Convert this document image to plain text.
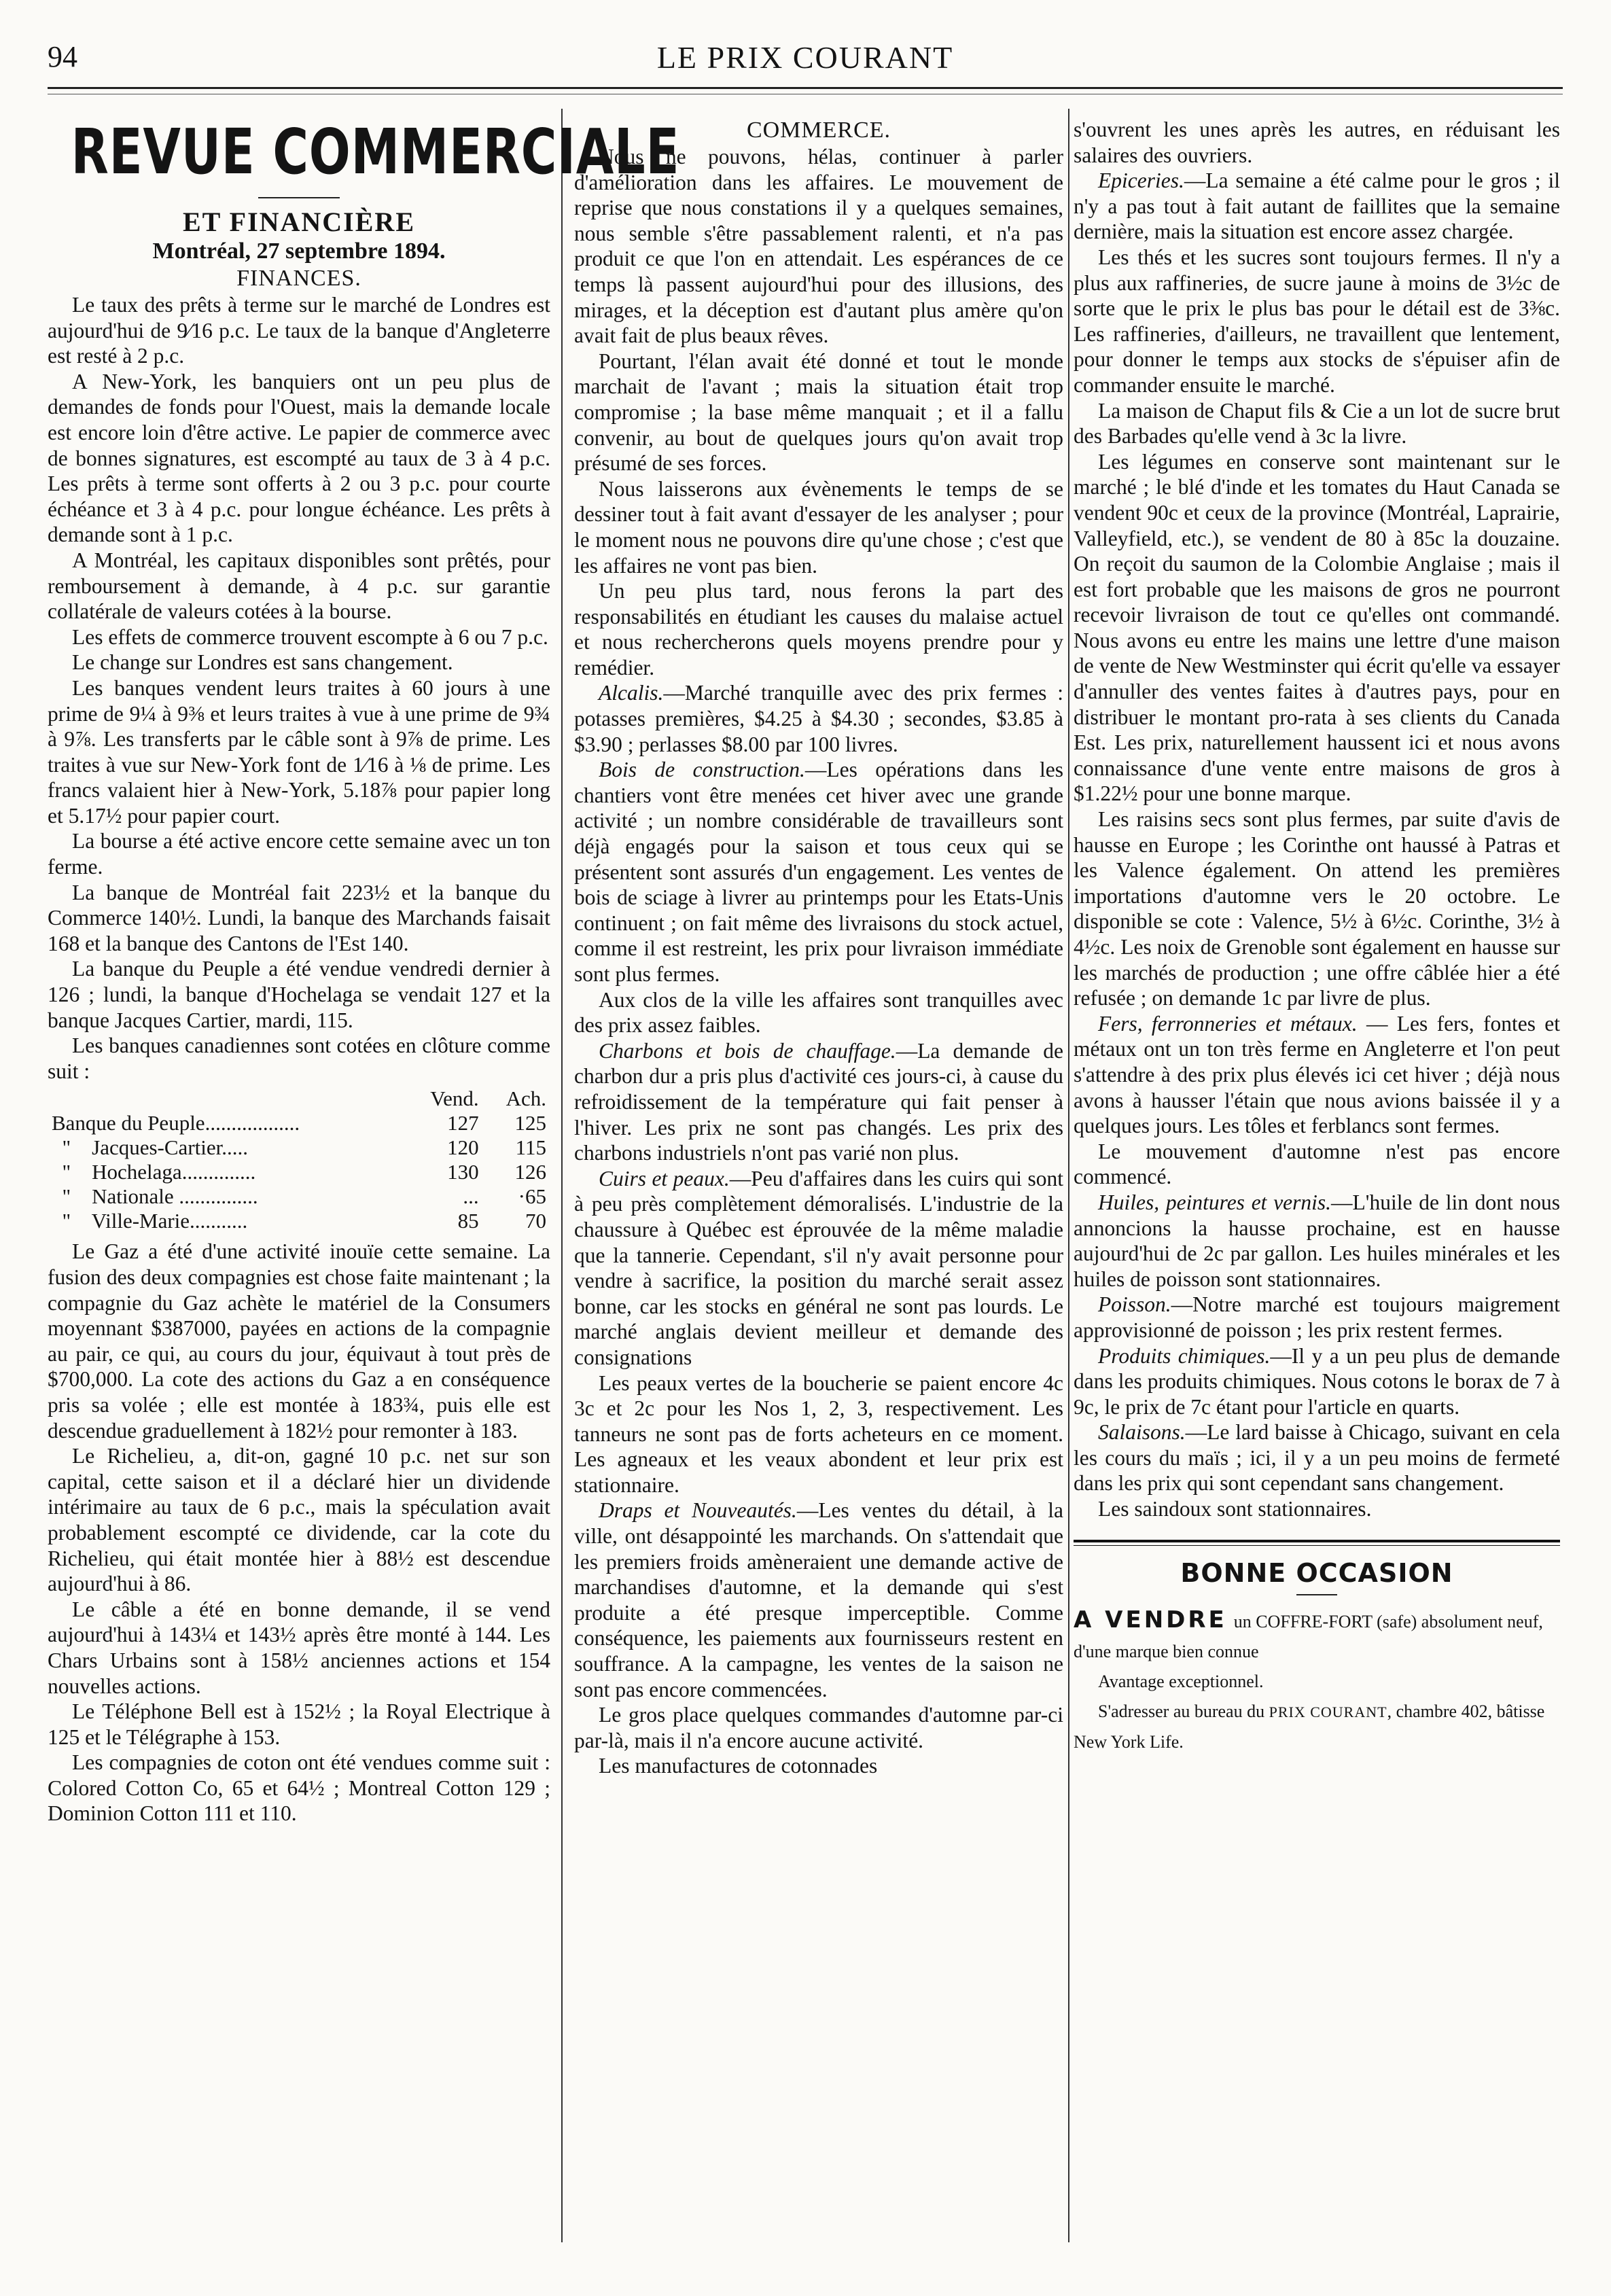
94	LE PRIX COURANT
REVUE COMMERCIALE
ET FINANCIÈRE
Montréal, 27 septembre 1894.
FINANCES.

Le taux des prêts à terme sur le marché de Londres est aujourd'hui de 9⁄16 p.c. Le taux de la banque d'Angleterre est resté à 2 p.c.

A New-York, les banquiers ont un peu plus de demandes de fonds pour l'Ouest, mais la demande locale est encore loin d'être active. Le papier de commerce avec de bonnes signatures, est escompté au taux de 3 à 4 p.c. Les prêts à terme sont offerts à 2 ou 3 p.c. pour courte échéance et 3 à 4 p.c. pour longue échéance. Les prêts à demande sont à 1 p.c.

A Montréal, les capitaux disponibles sont prêtés, pour remboursement à demande, à 4 p.c. sur garantie collatérale de valeurs cotées à la bourse.

Les effets de commerce trouvent escompte à 6 ou 7 p.c.

Le change sur Londres est sans changement.

Les banques vendent leurs traites à 60 jours à une prime de 9¼ à 9⅜ et leurs traites à vue à une prime de 9¾ à 9⅞. Les transferts par le câble sont à 9⅞ de prime. Les traites à vue sur New-York font de 1⁄16 à ⅛ de prime. Les francs valaient hier à New-York, 5.18⅞ pour papier long et 5.17½ pour papier court.

La bourse a été active encore cette semaine avec un ton ferme.

La banque de Montréal fait 223½ et la banque du Commerce 140½. Lundi, la banque des Marchands faisait 168 et la banque des Cantons de l'Est 140.

La banque du Peuple a été vendue vendredi dernier à 126 ; lundi, la banque d'Hochelaga se vendait 127 et la banque Jacques Cartier, mardi, 115.

Les banques canadiennes sont cotées en clôture comme suit :

	Vend.	Ach.
Banque du Peuple..................	127	125
"    Jacques-Cartier.....	120	115
"    Hochelaga..............	130	126
"    Nationale ...............	...	·65
"    Ville-Marie...........	85	70

Le Gaz a été d'une activité inouïe cette semaine. La fusion des deux compagnies est chose faite maintenant ; la compagnie du Gaz achète le matériel de la Consumers moyennant $387000, payées en actions de la compagnie au pair, ce qui, au cours du jour, équivaut à tout près de $700,000. La cote des actions du Gaz a en conséquence pris sa volée ; elle est montée à 183¾, puis elle est descendue graduellement à 182½ pour remonter à 183.

Le Richelieu, a, dit-on, gagné 10 p.c. net sur son capital, cette saison et il a déclaré hier un dividende intérimaire au taux de 6 p.c., mais la spéculation avait probablement escompté ce dividende, car la cote du Richelieu, qui était montée hier à 88½ est descendue aujourd'hui à 86.

Le câble a été en bonne demande, il se vend aujourd'hui à 143¼ et 143½ après être monté à 144. Les Chars Urbains sont à 158½ anciennes actions et 154 nouvelles actions.

Le Téléphone Bell est à 152½ ; la Royal Electrique à 125 et le Télégraphe à 153.

Les compagnies de coton ont été vendues comme suit : Colored Cotton Co, 65 et 64½ ; Montreal Cotton 129 ; Dominion Cotton 111 et 110.

COMMERCE.

Nous ne pouvons, hélas, continuer à parler d'amélioration dans les affaires. Le mouvement de reprise que nous constations il y a quelques semaines, nous semble s'être passablement ralenti, et n'a pas produit ce que l'on en attendait. Les espérances de ce temps là passent aujourd'hui pour des illusions, des mirages, et la déception est d'autant plus amère qu'on avait fait de plus beaux rêves.

Pourtant, l'élan avait été donné et tout le monde marchait de l'avant ; mais la situation était trop compromise ; la base même manquait ; et il a fallu convenir, au bout de quelques jours qu'on avait trop présumé de ses forces.

Nous laisserons aux évènements le temps de se dessiner tout à fait avant d'essayer de les analyser ; pour le moment nous ne pouvons dire qu'une chose ; c'est que les affaires ne vont pas bien.

Un peu plus tard, nous ferons la part des responsabilités en étudiant les causes du malaise actuel et nous rechercherons quels moyens prendre pour y remédier.

Alcalis.—Marché tranquille avec des prix fermes : potasses premières, $4.25 à $4.30 ; secondes, $3.85 à $3.90 ; perlasses $8.00 par 100 livres.

Bois de construction.—Les opérations dans les chantiers vont être menées cet hiver avec une grande activité ; un nombre considérable de travailleurs sont déjà engagés pour la saison et tous ceux qui se présentent sont assurés d'un engagement. Les ventes de bois de sciage à livrer au printemps pour les Etats-Unis continuent ; on fait même des livraisons du stock actuel, comme il est restreint, les prix pour livraison immédiate sont plus fermes.

Aux clos de la ville les affaires sont tranquilles avec des prix assez faibles.

Charbons et bois de chauffage.—La demande de charbon dur a pris plus d'activité ces jours-ci, à cause du refroidissement de la température qui fait penser à l'hiver. Les prix ne sont pas changés. Les prix des charbons industriels n'ont pas varié non plus.

Cuirs et peaux.—Peu d'affaires dans les cuirs qui sont à peu près complètement démoralisés. L'industrie de la chaussure à Québec est éprouvée de la même maladie que la tannerie. Cependant, s'il n'y avait personne pour vendre à sacrifice, la position du marché serait assez bonne, car les stocks en général ne sont pas lourds. Le marché anglais devient meilleur et demande des consignations

Les peaux vertes de la boucherie se paient encore 4c 3c et 2c pour les Nos 1, 2, 3, respectivement. Les tanneurs ne sont pas de forts acheteurs en ce moment. Les agneaux et les veaux abondent et leur prix est stationnaire.

Draps et Nouveautés.—Les ventes du détail, à la ville, ont désappointé les marchands. On s'attendait que les premiers froids amèneraient une demande active de marchandises d'automne, et la demande qui s'est produite a été presque imperceptible. Comme conséquence, les paiements aux fournisseurs restent en souffrance. A la campagne, les ventes de la saison ne sont pas encore commencées.

Le gros place quelques commandes d'automne par-ci par-là, mais il n'a encore aucune activité.

Les manufactures de cotonnades

s'ouvrent les unes après les autres, en réduisant les salaires des ouvriers.

Epiceries.—La semaine a été calme pour le gros ; il n'y a pas tout à fait autant de faillites que la semaine dernière, mais la situation est encore assez chargée.

Les thés et les sucres sont toujours fermes. Il n'y a plus aux raffineries, de sucre jaune à moins de 3½c de sorte que le prix le plus bas pour le détail est de 3⅜c. Les raffineries, d'ailleurs, ne travaillent que lentement, pour donner le temps aux stocks de s'épuiser afin de commander ensuite le marché.

La maison de Chaput fils & Cie a un lot de sucre brut des Barbades qu'elle vend à 3c la livre.

Les légumes en conserve sont maintenant sur le marché ; le blé d'inde et les tomates du Haut Canada se vendent 90c et ceux de la province (Montréal, Laprairie, Valleyfield, etc.), se vendent de 80 à 85c la douzaine. On reçoit du saumon de la Colombie Anglaise ; mais il est fort probable que les maisons de gros ne pourront recevoir livraison de tout ce qu'elles ont commandé. Nous avons eu entre les mains une lettre d'une maison de vente de New Westminster qui écrit qu'elle va essayer d'annuller des ventes faites à d'autres pays, pour en distribuer le montant pro-rata à ses clients du Canada Est. Les prix, naturellement haussent ici et nous avons connaissance d'une vente entre maisons de gros à $1.22½ pour une bonne marque.

Les raisins secs sont plus fermes, par suite d'avis de hausse en Europe ; les Corinthe ont haussé à Patras et les Valence également. On attend les premières importations d'automne vers le 20 octobre. Le disponible se cote : Valence, 5½ à 6½c. Corinthe, 3½ à 4½c. Les noix de Grenoble sont également en hausse sur les marchés de production ; une offre câblée hier a été refusée ; on demande 1c par livre de plus.

Fers, ferronneries et métaux. — Les fers, fontes et métaux ont un ton très ferme en Angleterre et l'on peut s'attendre à des prix plus élevés ici cet hiver ; déjà nous avons à hausser l'étain que nous avions baissée il y a quelques jours. Les tôles et ferblancs sont fermes.

Le mouvement d'automne n'est pas encore commencé.

Huiles, peintures et vernis.—L'huile de lin dont nous annoncions la hausse prochaine, est en hausse aujourd'hui de 2c par gallon. Les huiles minérales et les huiles de poisson sont stationnaires.

Poisson.—Notre marché est toujours maigrement approvisionné de poisson ; les prix restent fermes.

Produits chimiques.—Il y a un peu plus de demande dans les produits chimiques. Nous cotons le borax de 7 à 9c, le prix de 7c étant pour l'article en quarts.

Salaisons.—Le lard baisse à Chicago, suivant en cela les cours du maïs ; ici, il y a un peu moins de fermeté dans les prix qui sont cependant sans changement.

Les saindoux sont stationnaires.

BONNE OCCASION
A VENDRE un COFFRE-FORT (safe) absolument neuf, d'une marque bien connue
Avantage exceptionnel.
S'adresser au bureau du PRIX COURANT, chambre 402, bâtisse New York Life.
